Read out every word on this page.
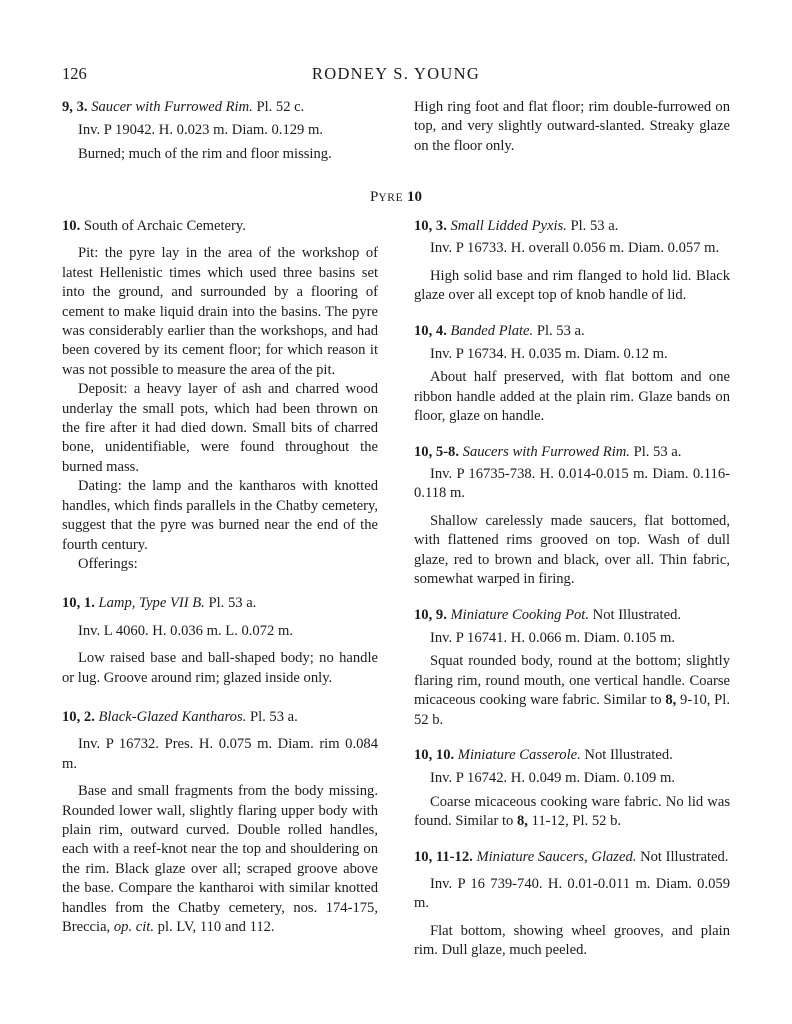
126	RODNEY S. YOUNG

9, 3. Saucer with Furrowed Rim. Pl. 52 c.

Inv. P 19042. H. 0.023 m. Diam. 0.129 m.

Burned; much of the rim and floor missing.

High ring foot and flat floor; rim double-furrowed on top, and very slightly outward-slanted. Streaky glaze on the floor only.

PYRE 10

10. South of Archaic Cemetery.

Pit: the pyre lay in the area of the workshop of latest Hellenistic times which used three basins set into the ground, and surrounded by a flooring of cement to make liquid drain into the basins. The pyre was considerably earlier than the workshops, and had been covered by its cement floor; for which reason it was not possible to measure the area of the pit.

Deposit: a heavy layer of ash and charred wood underlay the small pots, which had been thrown on the fire after it had died down. Small bits of charred bone, unidentifiable, were found throughout the burned mass.

Dating: the lamp and the kantharos with knotted handles, which finds parallels in the Chatby cemetery, suggest that the pyre was burned near the end of the fourth century.

Offerings:

10, 1. Lamp, Type VII B. Pl. 53 a.

Inv. L 4060. H. 0.036 m. L. 0.072 m.

Low raised base and ball-shaped body; no handle or lug. Groove around rim; glazed inside only.

10, 2. Black-Glazed Kantharos. Pl. 53 a.

Inv. P 16732. Pres. H. 0.075 m. Diam. rim 0.084 m.

Base and small fragments from the body missing. Rounded lower wall, slightly flaring upper body with plain rim, outward curved. Double rolled handles, each with a reef-knot near the top and shouldering on the rim. Black glaze over all; scraped groove above the base. Compare the kantharoi with similar knotted handles from the Chatby cemetery, nos. 174-175, Breccia, op. cit. pl. LV, 110 and 112.

10, 3. Small Lidded Pyxis. Pl. 53 a.

Inv. P 16733. H. overall 0.056 m. Diam. 0.057 m.

High solid base and rim flanged to hold lid. Black glaze over all except top of knob handle of lid.

10, 4. Banded Plate. Pl. 53 a.

Inv. P 16734. H. 0.035 m. Diam. 0.12 m.

About half preserved, with flat bottom and one ribbon handle added at the plain rim. Glaze bands on floor, glaze on handle.

10, 5-8. Saucers with Furrowed Rim. Pl. 53 a.

Inv. P 16735-738. H. 0.014-0.015 m. Diam. 0.116-0.118 m.

Shallow carelessly made saucers, flat bottomed, with flattened rims grooved on top. Wash of dull glaze, red to brown and black, over all. Thin fabric, somewhat warped in firing.

10, 9. Miniature Cooking Pot. Not Illustrated.

Inv. P 16741. H. 0.066 m. Diam. 0.105 m.

Squat rounded body, round at the bottom; slightly flaring rim, round mouth, one vertical handle. Coarse micaceous cooking ware fabric. Similar to 8, 9-10, Pl. 52 b.

10, 10. Miniature Casserole. Not Illustrated.

Inv. P 16742. H. 0.049 m. Diam. 0.109 m.

Coarse micaceous cooking ware fabric. No lid was found. Similar to 8, 11-12, Pl. 52 b.

10, 11-12. Miniature Saucers, Glazed. Not Illustrated.

Inv. P 16 739-740. H. 0.01-0.011 m. Diam. 0.059 m.

Flat bottom, showing wheel grooves, and plain rim. Dull glaze, much peeled.
